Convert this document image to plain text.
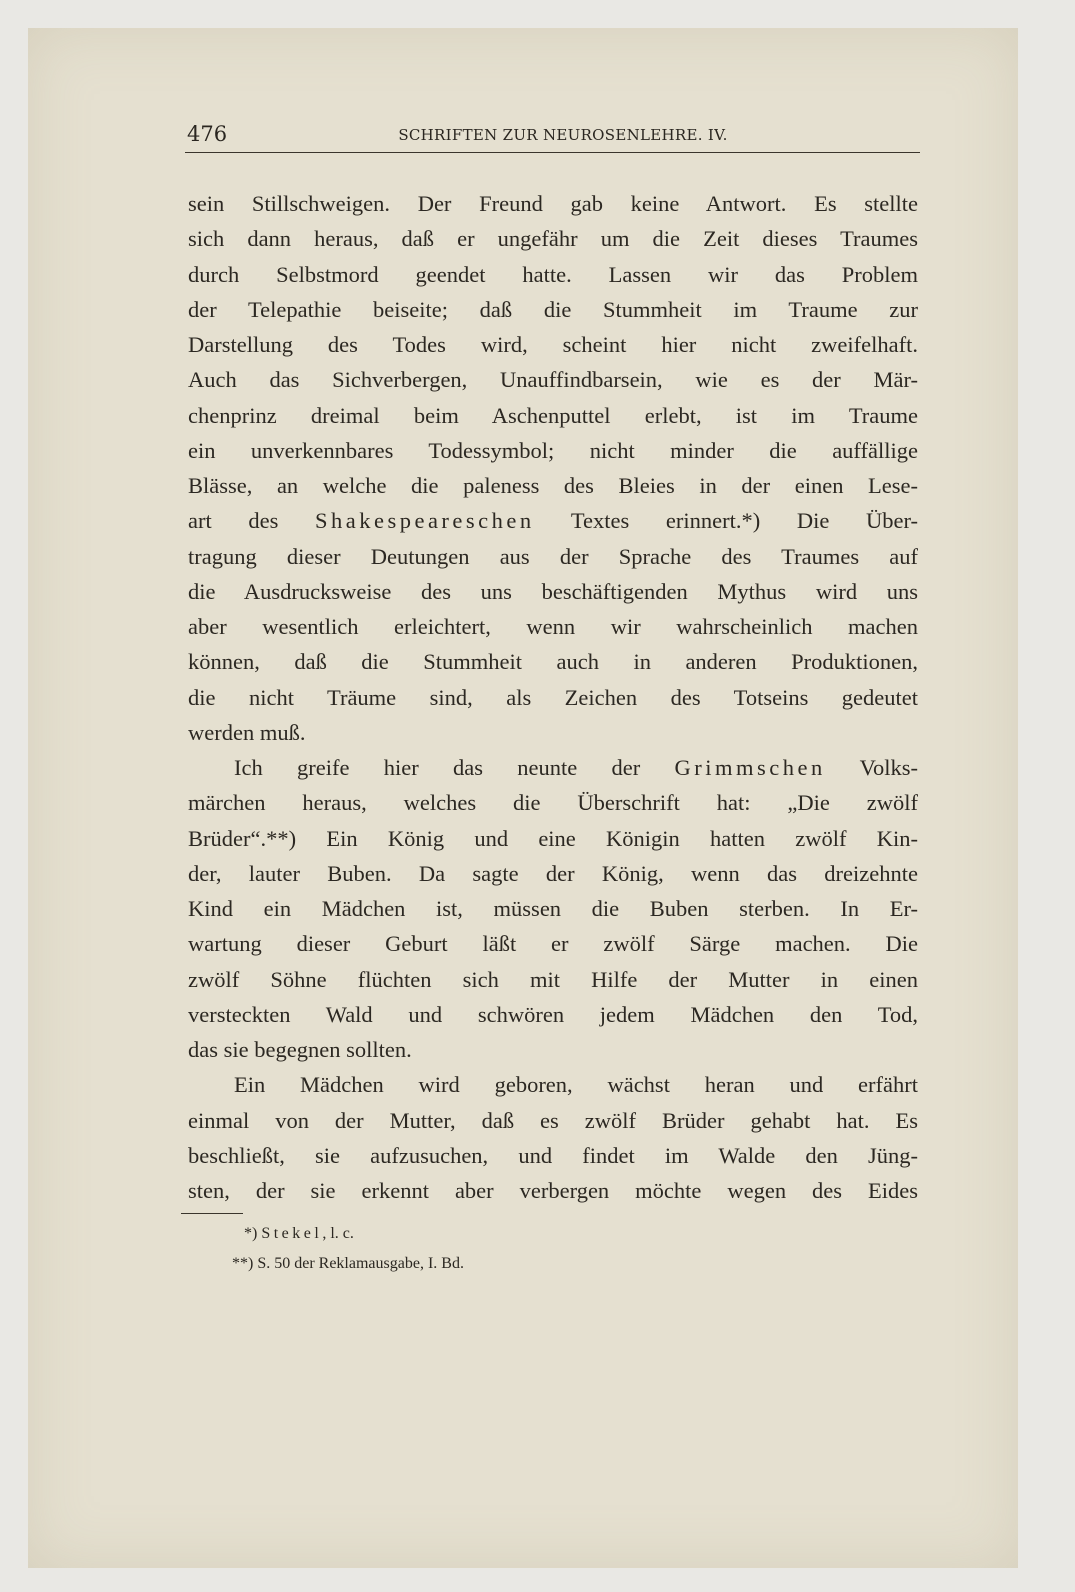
476	SCHRIFTEN ZUR NEUROSENLEHRE. IV.
sein Stillschweigen. Der Freund gab keine Antwort. Es stellte
sich dann heraus, daß er ungefähr um die Zeit dieses Traumes
durch Selbstmord geendet hatte. Lassen wir das Problem
der Telepathie beiseite; daß die Stummheit im Traume zur
Darstellung des Todes wird, scheint hier nicht zweifelhaft.
Auch das Sichverbergen, Unauffindbarsein, wie es der Mär-
chenprinz dreimal beim Aschenputtel erlebt, ist im Traume
ein unverkennbares Todessymbol; nicht minder die auffällige
Blässe, an welche die paleness des Bleies in der einen Lese-
art des Shakespeareschen Textes erinnert.*) Die Über-
tragung dieser Deutungen aus der Sprache des Traumes auf
die Ausdrucksweise des uns beschäftigenden Mythus wird uns
aber wesentlich erleichtert, wenn wir wahrscheinlich machen
können, daß die Stummheit auch in anderen Produktionen,
die nicht Träume sind, als Zeichen des Totseins gedeutet
werden muß.
Ich greife hier das neunte der Grimmschen Volks-
märchen heraus, welches die Überschrift hat: „Die zwölf
Brüder“.**) Ein König und eine Königin hatten zwölf Kin-
der, lauter Buben. Da sagte der König, wenn das dreizehnte
Kind ein Mädchen ist, müssen die Buben sterben. In Er-
wartung dieser Geburt läßt er zwölf Särge machen. Die
zwölf Söhne flüchten sich mit Hilfe der Mutter in einen
versteckten Wald und schwören jedem Mädchen den Tod,
das sie begegnen sollten.
Ein Mädchen wird geboren, wächst heran und erfährt
einmal von der Mutter, daß es zwölf Brüder gehabt hat. Es
beschließt, sie aufzusuchen, und findet im Walde den Jüng-
sten, der sie erkennt aber verbergen möchte wegen des Eides
*) Stekel, l. c.
**) S. 50 der Reklamausgabe, I. Bd.
